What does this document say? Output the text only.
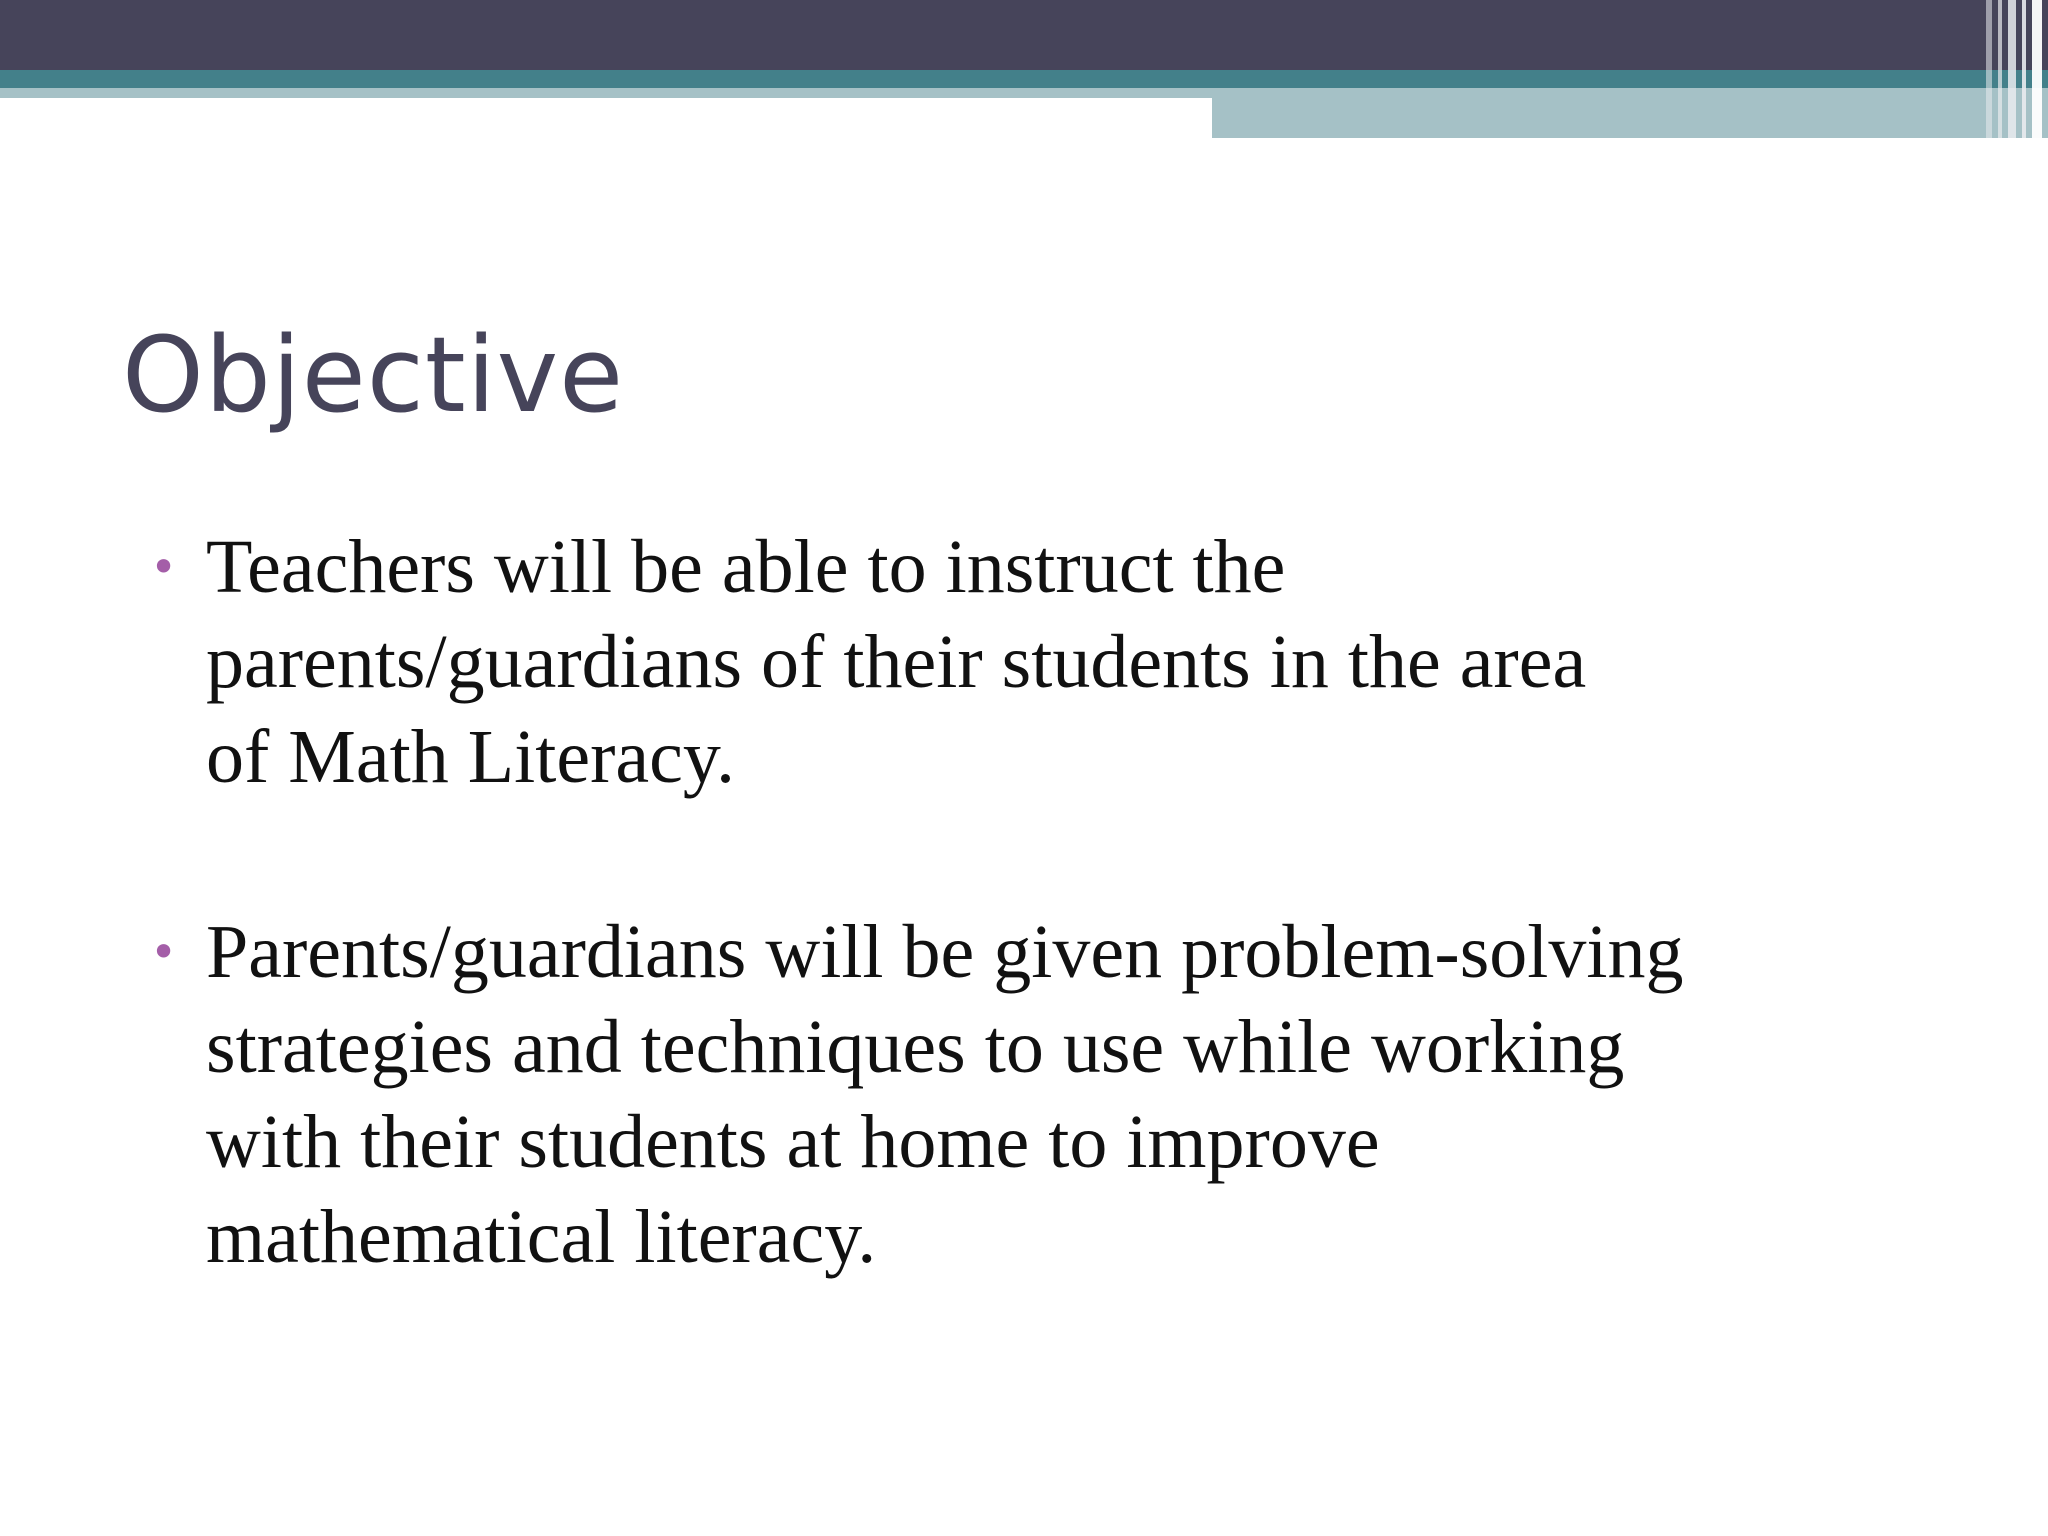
Objective
• Teachers will be able to instruct the
parents/guardians of their students in the area
of Math Literacy.
• Parents/guardians will be given problem-solving
strategies and techniques to use while working
with their students at home to improve
mathematical literacy.
